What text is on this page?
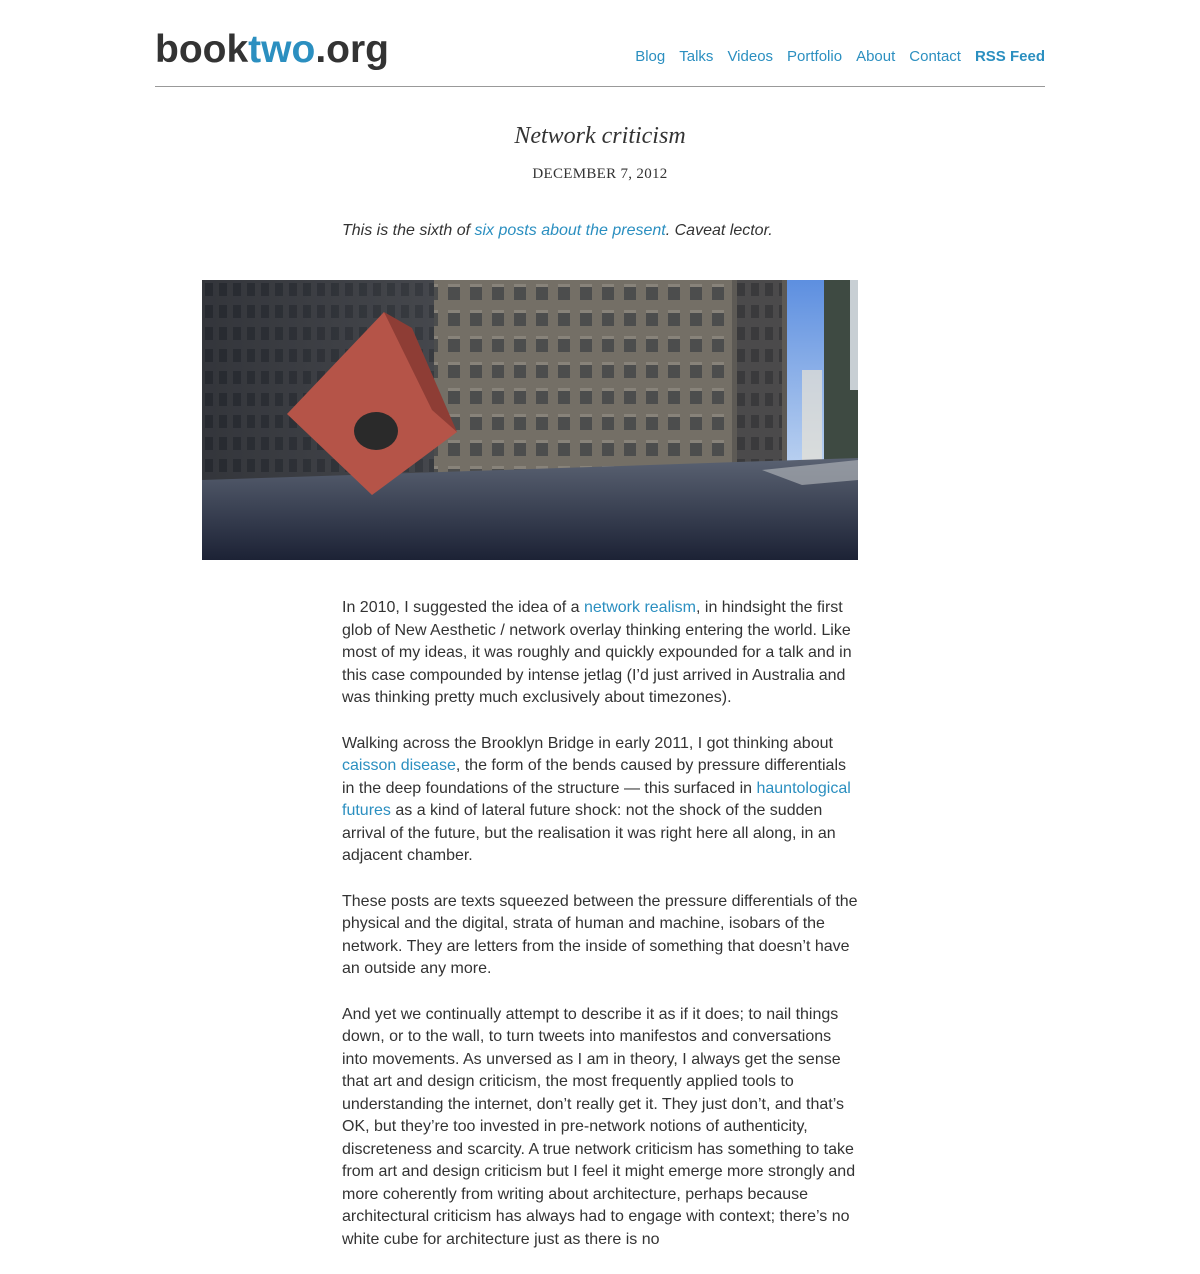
booktwo.org	Blog Talks Videos Portfolio About Contact RSS Feed
Network criticism
DECEMBER 7, 2012

This is the sixth of six posts about the present. Caveat lector.

In 2010, I suggested the idea of a network realism, in hindsight the first glob of New Aesthetic / network overlay thinking entering the world. Like most of my ideas, it was roughly and quickly expounded for a talk and in this case compounded by intense jetlag (I’d just arrived in Australia and was thinking pretty much exclusively about timezones).

Walking across the Brooklyn Bridge in early 2011, I got thinking about caisson disease, the form of the bends caused by pressure differentials in the deep foundations of the structure — this surfaced in hauntological futures as a kind of lateral future shock: not the shock of the sudden arrival of the future, but the realisation it was right here all along, in an adjacent chamber.

These posts are texts squeezed between the pressure differentials of the physical and the digital, strata of human and machine, isobars of the network. They are letters from the inside of something that doesn’t have an outside any more.

And yet we continually attempt to describe it as if it does; to nail things down, or to the wall, to turn tweets into manifestos and conversations into movements. As unversed as I am in theory, I always get the sense that art and design criticism, the most frequently applied tools to understanding the internet, don’t really get it. They just don’t, and that’s OK, but they’re too invested in pre-network notions of authenticity, discreteness and scarcity. A true network criticism has something to take from art and design criticism but I feel it might emerge more strongly and more coherently from writing about architecture, perhaps because architectural criticism has always had to engage with context; there’s no white cube for architecture just as there is no
